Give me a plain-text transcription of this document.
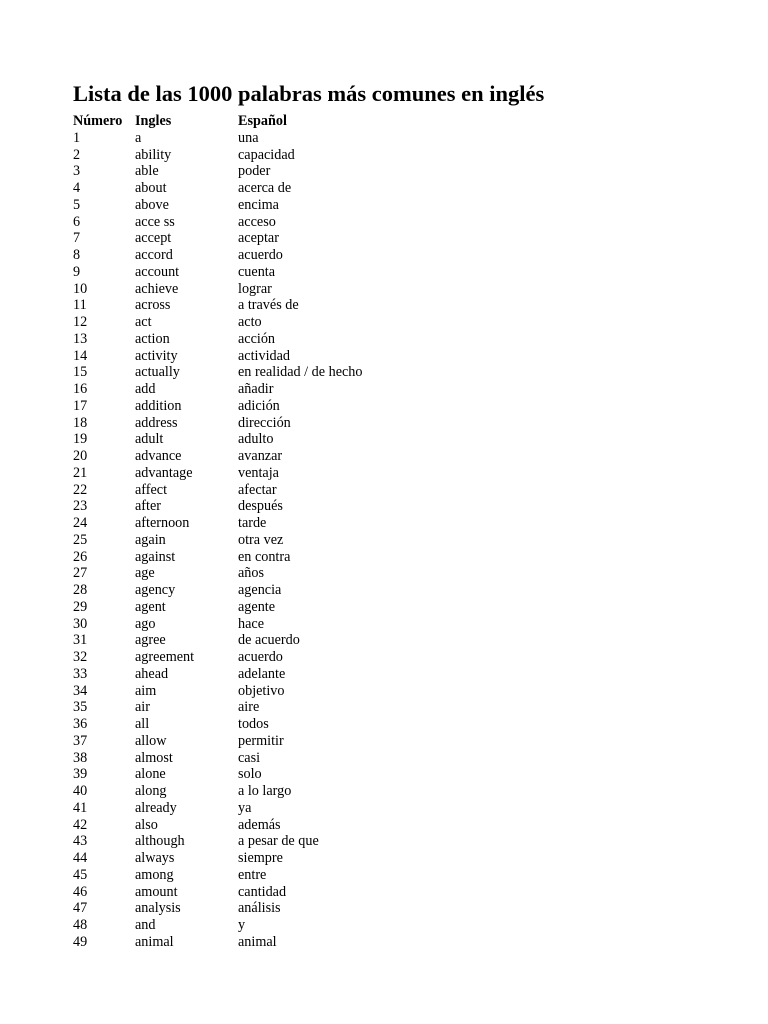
Lista de las 1000 palabras más comunes en inglés
Número Ingles	Español
1	a	una
2	ability	capacidad
3	able	poder
4	about	acerca de
5	above	encima
6	acce ss	acceso
7	accept	aceptar
8	accord	acuerdo
9	account	cuenta
10	achieve	lograr
11	across	a través de
12	act	acto
13	action	acción
14	activity	actividad
15	actually	en realidad / de hecho
16	add	añadir
17	addition	adición
18	address	dirección
19	adult	adulto
20	advance	avanzar
21	advantage	ventaja
22	affect	afectar
23	after	después
24	afternoon	tarde
25	again	otra vez
26	against	en contra
27	age	años
28	agency	agencia
29	agent	agente
30	ago	hace
31	agree	de acuerdo
32	agreement	acuerdo
33	ahead	adelante
34	aim	objetivo
35	air	aire
36	all	todos
37	allow	permitir
38	almost	casi
39	alone	solo
40	along	a lo largo
41	already	ya
42	also	además
43	although	a pesar de que
44	always	siempre
45	among	entre
46	amount	cantidad
47	analysis	análisis
48	and	y
49	animal	animal
